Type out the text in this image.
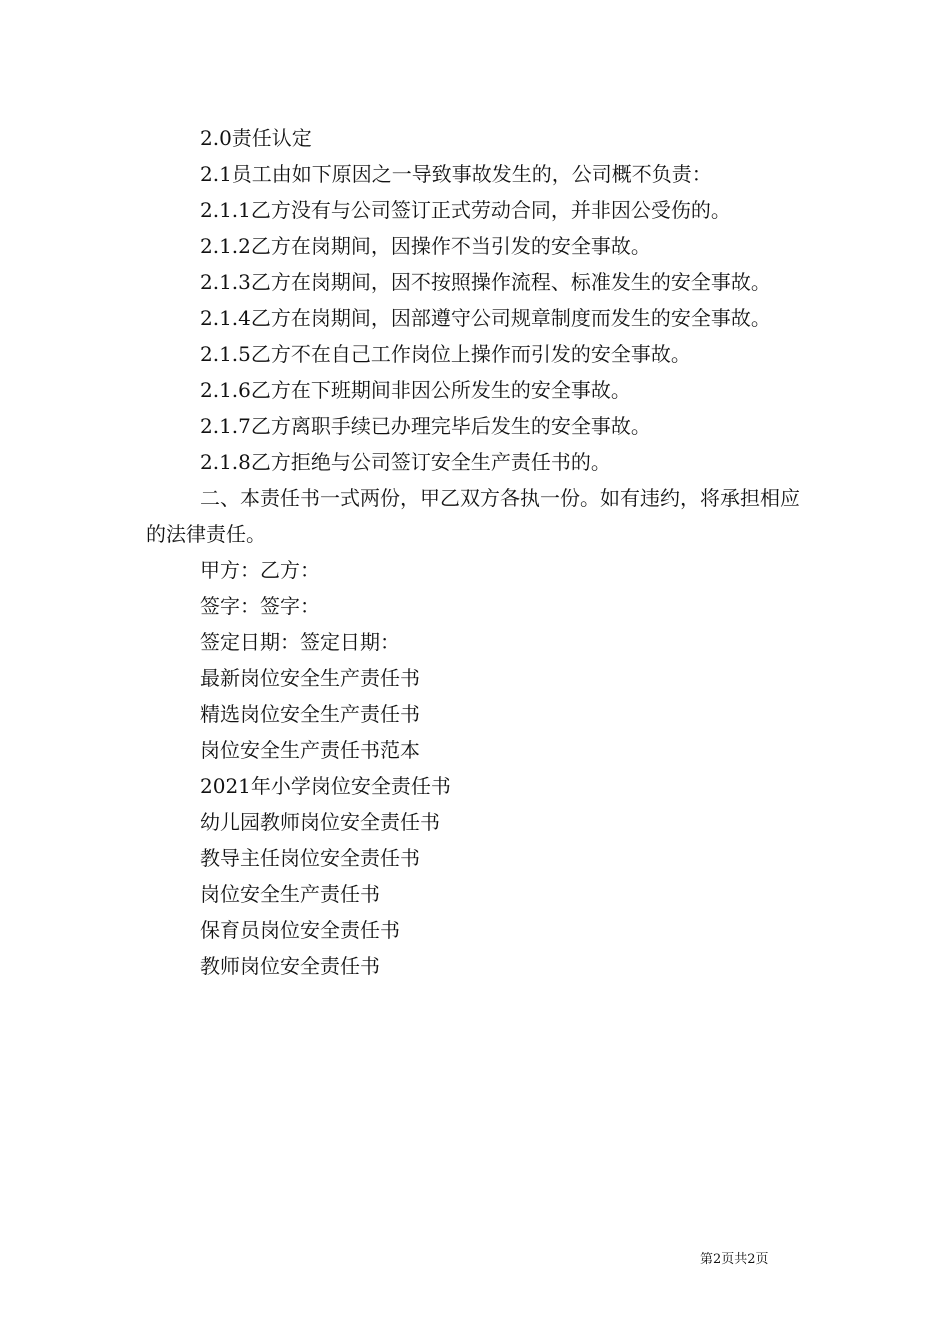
2.0责任认定

2.1员工由如下原因之一导致事故发生的，公司概不负责：

2.1.1乙方没有与公司签订正式劳动合同，并非因公受伤的。

2.1.2乙方在岗期间，因操作不当引发的安全事故。

2.1.3乙方在岗期间，因不按照操作流程、标准发生的安全事故。

2.1.4乙方在岗期间，因部遵守公司规章制度而发生的安全事故。

2.1.5乙方不在自己工作岗位上操作而引发的安全事故。

2.1.6乙方在下班期间非因公所发生的安全事故。

2.1.7乙方离职手续已办理完毕后发生的安全事故。

2.1.8乙方拒绝与公司签订安全生产责任书的。

二、本责任书一式两份，甲乙双方各执一份。如有违约，将承担相应的法律责任。

甲方：乙方：

签字：签字：

签定日期：签定日期：

最新岗位安全生产责任书

精选岗位安全生产责任书

岗位安全生产责任书范本

2021年小学岗位安全责任书

幼儿园教师岗位安全责任书

教导主任岗位安全责任书

岗位安全生产责任书

保育员岗位安全责任书

教师岗位安全责任书

第2页共2页
